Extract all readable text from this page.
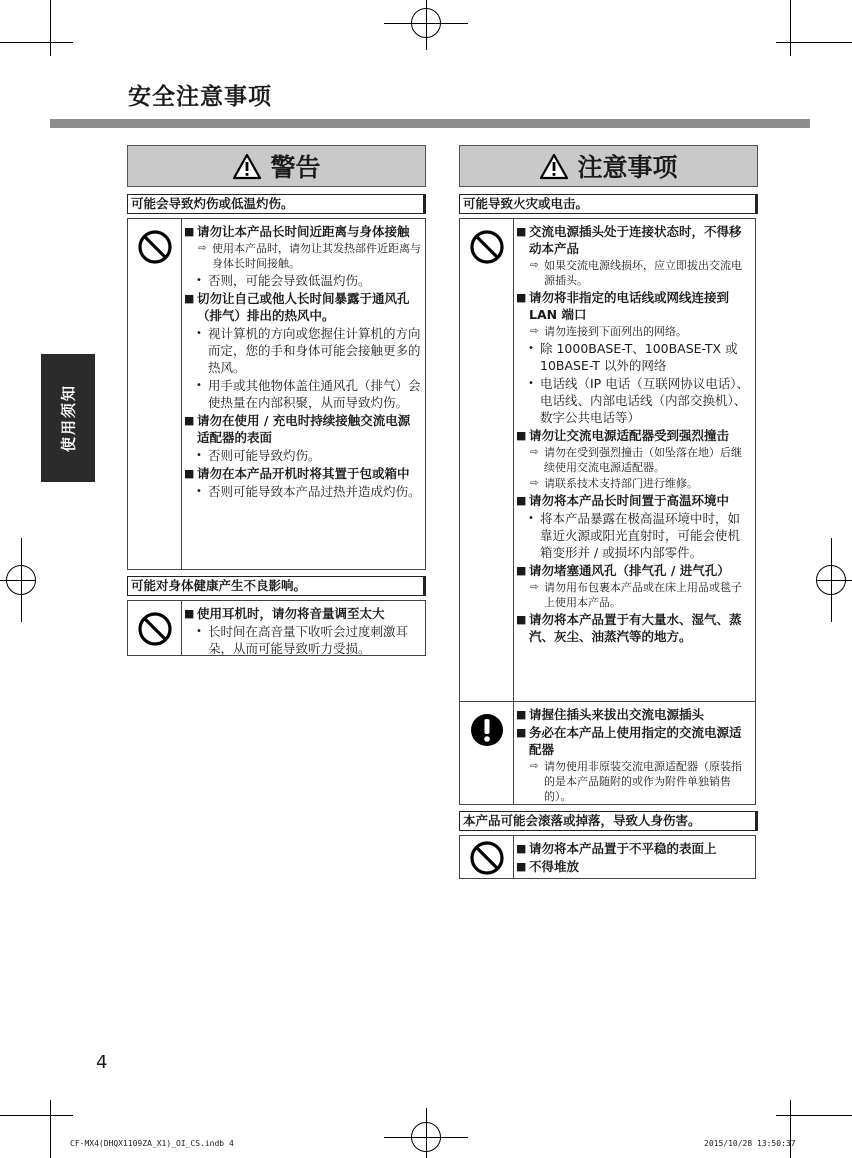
安全注意事项
使用须知
警告
可能会导致灼伤或低温灼伤。
■ 请勿让本产品长时间近距离与身体接触
⇨ 使用本产品时，请勿让其发热部件近距离与身体长时间接触。
• 否则，可能会导致低温灼伤。
■ 切勿让自己或他人长时间暴露于通风孔（排气）排出的热风中。
• 视计算机的方向或您握住计算机的方向而定，您的手和身体可能会接触更多的热风。
• 用手或其他物体盖住通风孔（排气）会使热量在内部积聚，从而导致灼伤。
■ 请勿在使用 / 充电时持续接触交流电源适配器的表面
• 否则可能导致灼伤。
■ 请勿在本产品开机时将其置于包或箱中
• 否则可能导致本产品过热并造成灼伤。
可能对身体健康产生不良影响。
■ 使用耳机时，请勿将音量调至太大
• 长时间在高音量下收听会过度刺激耳朵，从而可能导致听力受损。
注意事项
可能导致火灾或电击。
■ 交流电源插头处于连接状态时，不得移动本产品
⇨ 如果交流电源线损坏，应立即拔出交流电源插头。
■ 请勿将非指定的电话线或网线连接到 LAN 端口
⇨ 请勿连接到下面列出的网络。
• 除 1000BASE-T、100BASE-TX 或 10BASE-T 以外的网络
• 电话线（IP 电话（互联网协议电话）、电话线、内部电话线（内部交换机）、数字公共电话等）
■ 请勿让交流电源适配器受到强烈撞击
⇨ 请勿在受到强烈撞击（如坠落在地）后继续使用交流电源适配器。
⇨ 请联系技术支持部门进行维修。
■ 请勿将本产品长时间置于高温环境中
• 将本产品暴露在极高温环境中时，如靠近火源或阳光直射时，可能会使机箱变形并 / 或损坏内部零件。
■ 请勿堵塞通风孔（排气孔 / 进气孔）
⇨ 请勿用布包裹本产品或在床上用品或毯子上使用本产品。
■ 请勿将本产品置于有大量水、湿气、蒸汽、灰尘、油蒸汽等的地方。
■ 请握住插头来拔出交流电源插头
■ 务必在本产品上使用指定的交流电源适配器
⇨ 请勿使用非原装交流电源适配器（原装指的是本产品随附的或作为附件单独销售的）。
本产品可能会滚落或掉落，导致人身伤害。
■ 请勿将本产品置于不平稳的表面上
■ 不得堆放
4
CF-MX4(DHQX1109ZA_X1)_OI_CS.indb 4	2015/10/28 13:50:37
